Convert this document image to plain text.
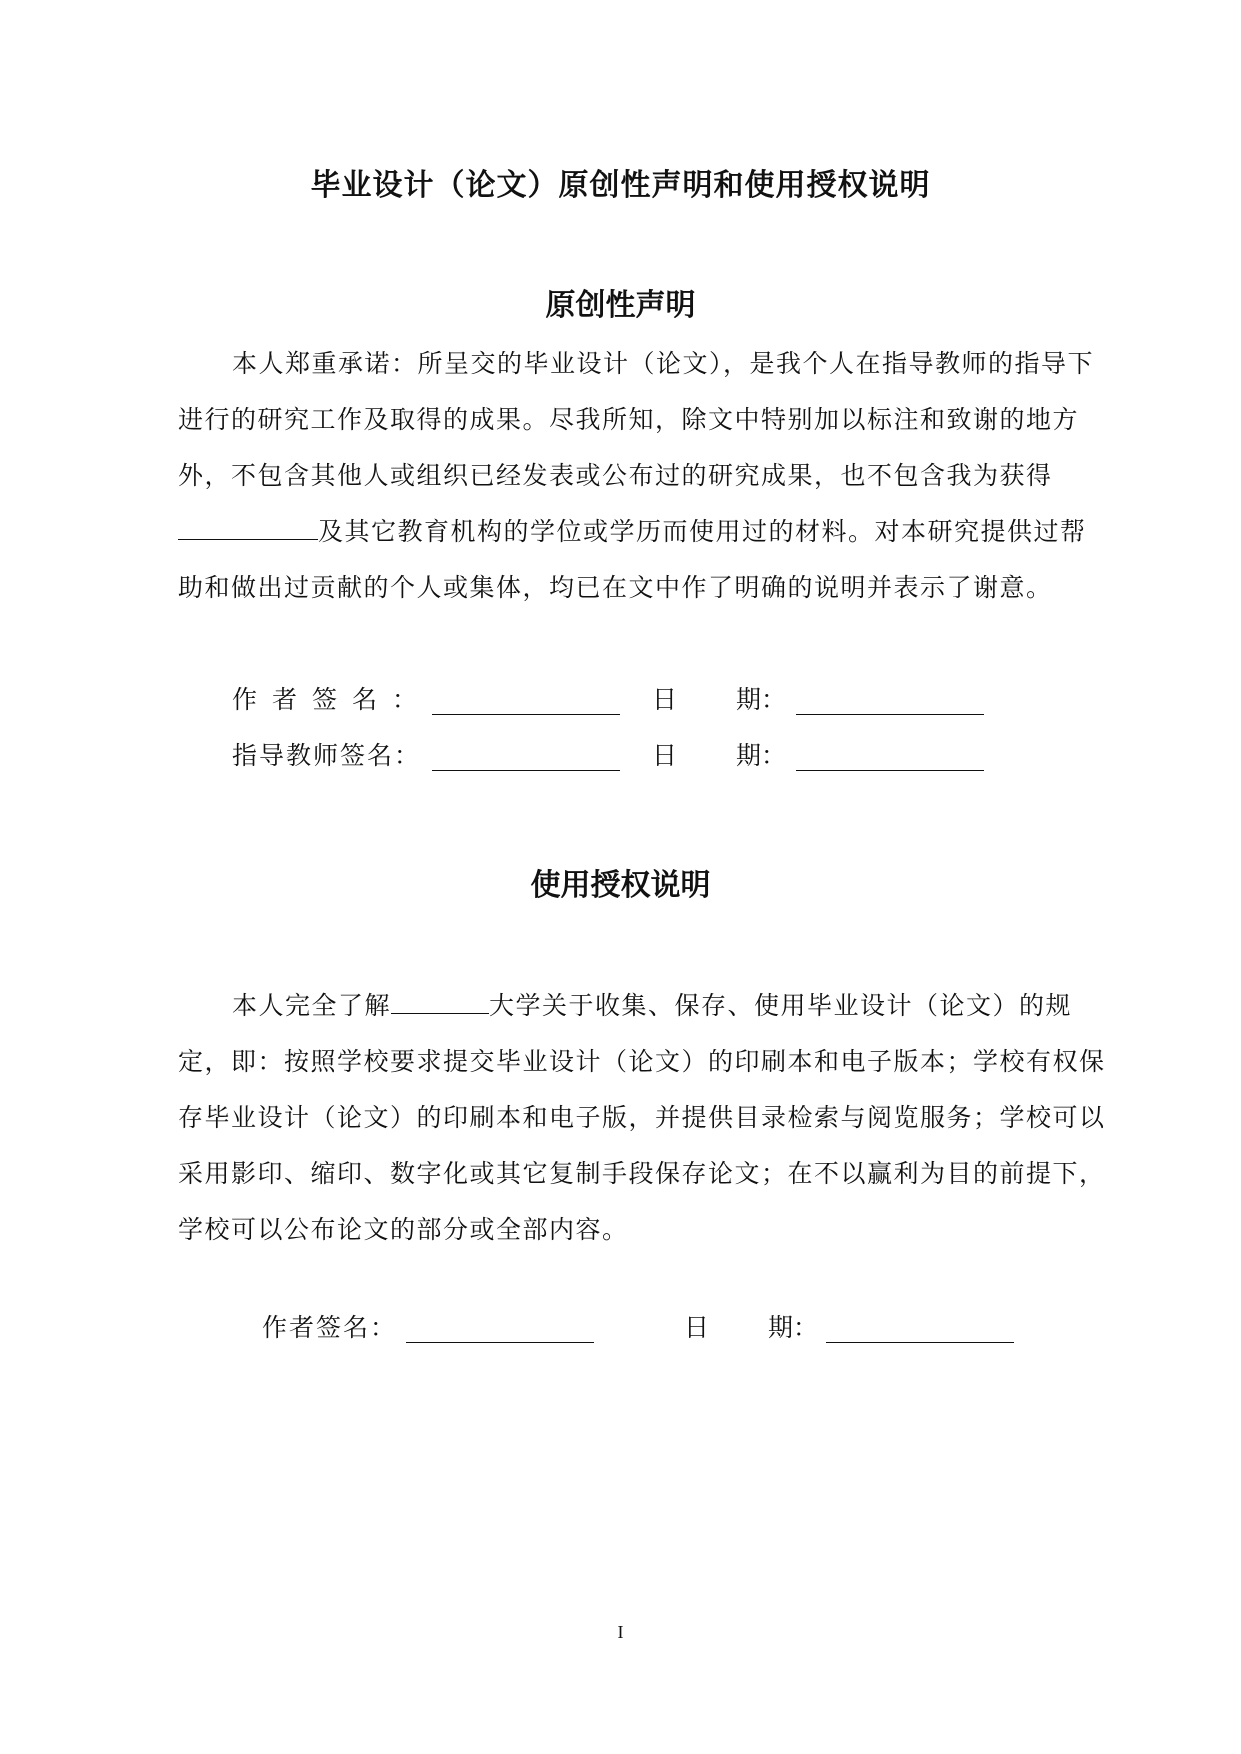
毕业设计（论文）原创性声明和使用授权说明
原创性声明
本人郑重承诺：所呈交的毕业设计（论文），是我个人在指导教师的指导下进行的研究工作及取得的成果。尽我所知，除文中特别加以标注和致谢的地方外，不包含其他人或组织已经发表或公布过的研究成果，也不包含我为获得及其它教育机构的学位或学历而使用过的材料。对本研究提供过帮助和做出过贡献的个人或集体，均已在文中作了明确的说明并表示了谢意。
作者签名：	日 期：
指导教师签名：	日 期：
使用授权说明
本人完全了解	大学关于收集、保存、使用毕业设计（论文）的规定，即：按照学校要求提交毕业设计（论文）的印刷本和电子版本；学校有权保存毕业设计（论文）的印刷本和电子版，并提供目录检索与阅览服务；学校可以采用影印、缩印、数字化或其它复制手段保存论文；在不以赢利为目的前提下，学校可以公布论文的部分或全部内容。
作者签名：	日 期：
I
